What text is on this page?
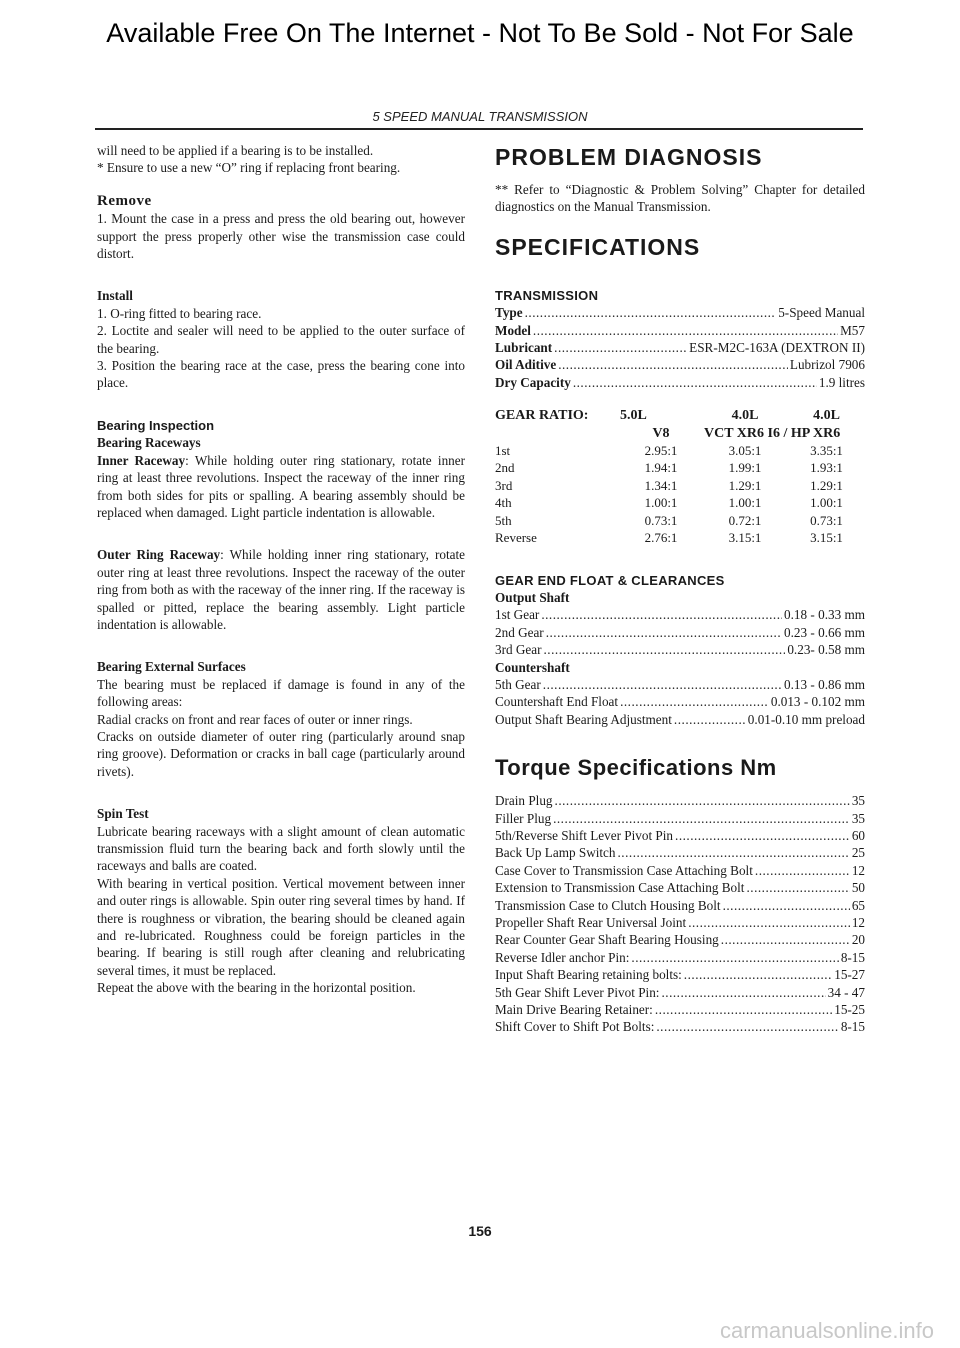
Available Free On The Internet - Not To Be Sold - Not For Sale
5 SPEED MANUAL TRANSMISSION

will need to be applied if a bearing is to be installed.

* Ensure to use a new “O” ring if replacing front bearing.

Remove

1. Mount the case in a press and press the old bearing out, however support the press properly other wise the transmission case could distort.

Install

1. O-ring fitted to bearing race.

2. Loctite and sealer will need to be applied to the outer surface of the bearing.

3. Position the bearing race at the case, press the bearing cone into place.

Bearing Inspection

Bearing Raceways

Inner Raceway: While holding outer ring stationary, rotate inner ring at least three revolutions. Inspect the raceway of the inner ring from both sides for pits or spalling. A bearing assembly should be replaced when damaged. Light particle indentation is allowable.

Outer Ring Raceway: While holding inner ring stationary, rotate outer ring at least three revolutions. Inspect the raceway of the outer ring from both as with the raceway of the inner ring. If the raceway is spalled or pitted, replace the bearing assembly. Light particle indentation is allowable.

Bearing External Surfaces

The bearing must be replaced if damage is found in any of the following areas:

Radial cracks on front and rear faces of outer or inner rings.

Cracks on outside diameter of outer ring (particularly around snap ring groove). Deformation or cracks in ball cage (particularly around rivets).

Spin Test

Lubricate bearing raceways with a slight amount of clean automatic transmission fluid turn the bearing back and forth slowly until the raceways and balls are coated.

With bearing in vertical position. Vertical movement between inner and outer rings is allowable. Spin outer ring several times by hand. If there is roughness or vibration, the bearing should be cleaned again and re-lubricated. Roughness could be foreign particles in the bearing. If bearing is still rough after cleaning and relubricating several times, it must be replaced.

Repeat the above with the bearing in the horizontal position.

PROBLEM DIAGNOSIS

** Refer to “Diagnostic & Problem Solving” Chapter for detailed diagnostics on the Manual Transmission.

SPECIFICATIONS

TRANSMISSION

Type .....	5-Speed Manual
Model .....	M57
Lubricant .....	ESR-M2C-163A (DEXTRON II)
Oil Aditive .....	Lubrizol 7906
Dry Capacity .....	1.9 litres
GEAR RATIO:	5.0L	4.0L	4.0L
	V8	VCT XR6 I6 / HP XR6	
1st	2.95:1	3.05:1	3.35:1
2nd	1.94:1	1.99:1	1.93:1
3rd	1.34:1	1.29:1	1.29:1
4th	1.00:1	1.00:1	1.00:1
5th	0.73:1	0.72:1	0.73:1
Reverse	2.76:1	3.15:1	3.15:1

GEAR END FLOAT & CLEARANCES

Output Shaft

1st Gear .....	0.18 - 0.33 mm
2nd Gear .....	0.23 - 0.66 mm
3rd Gear .....	0.23- 0.58 mm

Countershaft

5th Gear .....	0.13 - 0.86 mm
Countershaft End Float .....	0.013 - 0.102 mm
Output Shaft Bearing Adjustment .....	0.01-0.10 mm preload

Torque Specifications Nm

Drain Plug .....	35
Filler Plug .....	35
5th/Reverse Shift Lever Pivot Pin .....	60
Back Up Lamp Switch .....	25
Case Cover to Transmission Case Attaching Bolt .....	12
Extension to Transmission Case Attaching Bolt .....	50
Transmission Case to Clutch Housing Bolt .....	65
Propeller Shaft Rear Universal Joint .....	12
Rear Counter Gear Shaft Bearing Housing .....	20
Reverse Idler anchor Pin: .....	8-15
Input Shaft Bearing retaining bolts: .....	15-27
5th Gear Shift Lever Pivot Pin: .....	34 - 47
Main Drive Bearing Retainer: .....	15-25
Shift Cover to Shift Pot Bolts: .....	8-15
156
carmanualsonline.info
